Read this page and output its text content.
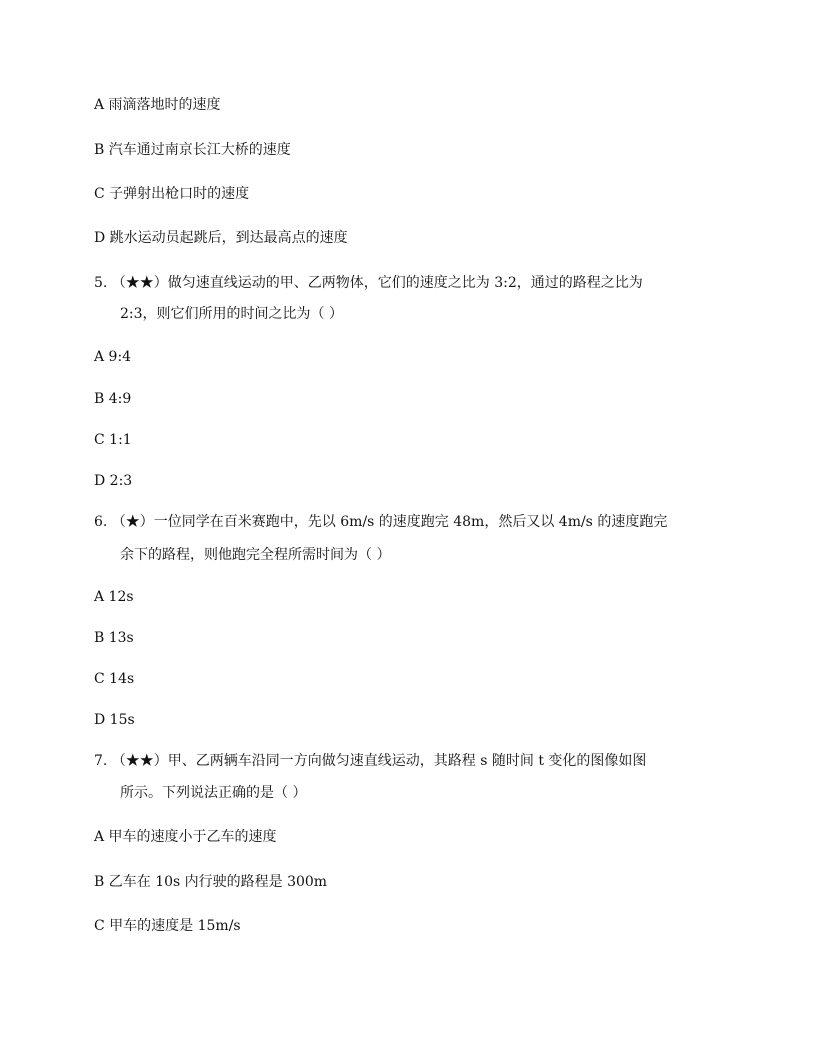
A 雨滴落地时的速度
B 汽车通过南京长江大桥的速度
C 子弹射出枪口时的速度
D 跳水运动员起跳后，到达最高点的速度
5. （★★）做匀速直线运动的甲、乙两物体，它们的速度之比为 3:2，通过的路程之比为
2:3，则它们所用的时间之比为（ ）
A 9:4
B 4:9
C 1:1
D 2:3
6. （★）一位同学在百米赛跑中，先以 6m/s 的速度跑完 48m，然后又以 4m/s 的速度跑完
余下的路程，则他跑完全程所需时间为（ ）
A 12s
B 13s
C 14s
D 15s
7. （★★）甲、乙两辆车沿同一方向做匀速直线运动，其路程 s 随时间 t 变化的图像如图
所示。下列说法正确的是（ ）
A 甲车的速度小于乙车的速度
B 乙车在 10s 内行驶的路程是 300m
C 甲车的速度是 15m/s
